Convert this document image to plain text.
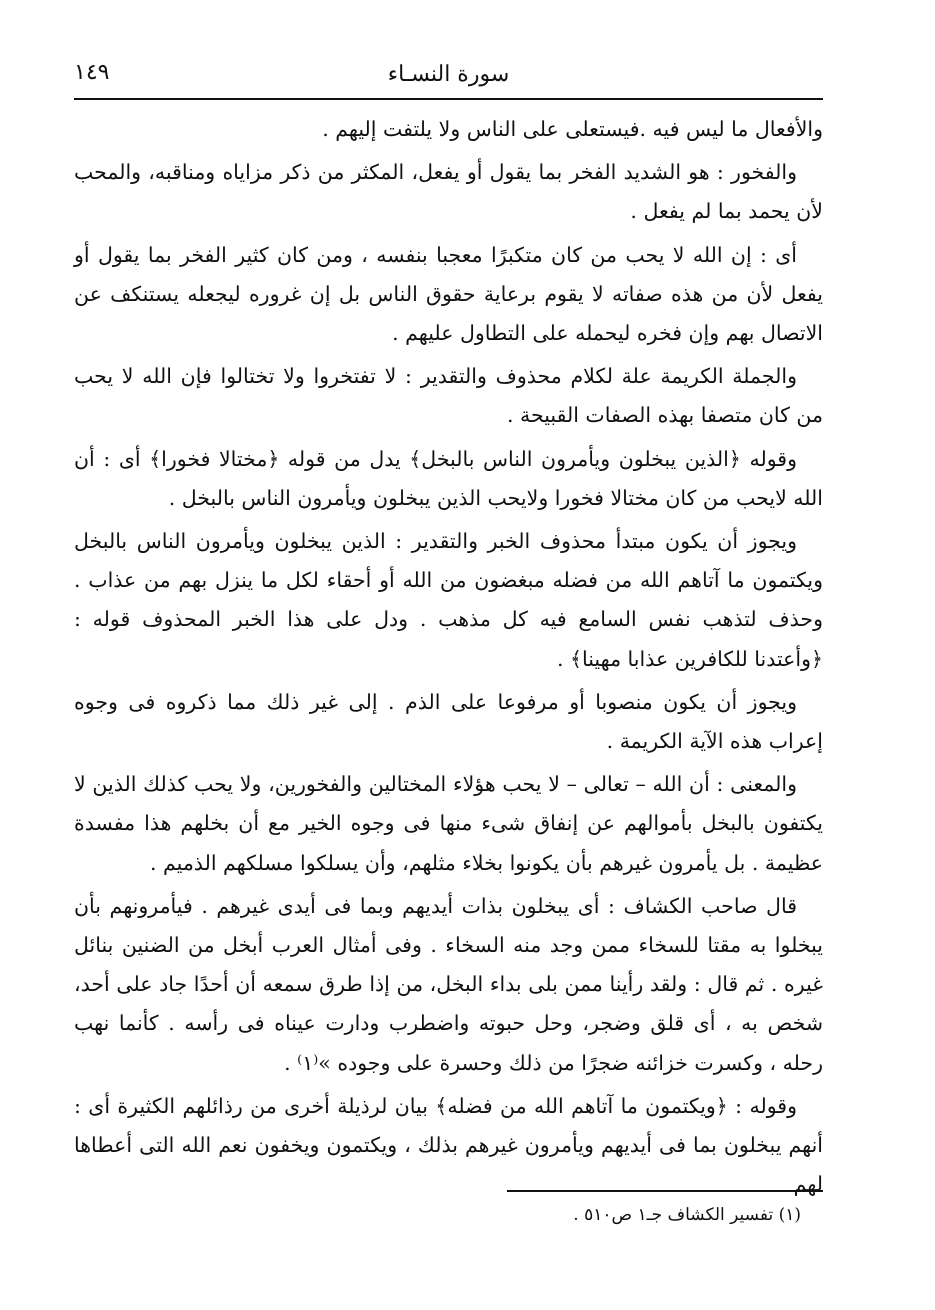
سورة النسـاء
١٤٩

والأفعال ما ليس فيه .فيستعلى على الناس ولا يلتفت إليهم .

والفخور : هو الشديد الفخر بما يقول أو يفعل، المكثر من ذكر مزاياه ومناقبه، والمحب لأن يحمد بما لم يفعل .

أى : إن الله لا يحب من كان متكبرًا معجبا بنفسه ، ومن كان كثير الفخر بما يقول أو يفعل لأن من هذه صفاته لا يقوم برعاية حقوق الناس بل إن غروره ليجعله يستنكف عن الاتصال بهم وإن فخره ليحمله على التطاول عليهم .

والجملة الكريمة علة لكلام محذوف والتقدير : لا تفتخروا ولا تختالوا فإن الله لا يحب من كان متصفا بهذه الصفات القبيحة .

وقوله ﴿الذين يبخلون ويأمرون الناس بالبخل﴾ يدل من قوله ﴿مختالا فخورا﴾ أى : أن الله لايحب من كان مختالا فخورا ولايحب الذين يبخلون ويأمرون الناس بالبخل .

ويجوز أن يكون مبتدأ محذوف الخبر والتقدير : الذين يبخلون ويأمرون الناس بالبخل ويكتمون ما آتاهم الله من فضله مبغضون من الله أو أحقاء لكل ما ينزل بهم من عذاب . وحذف لتذهب نفس السامع فيه كل مذهب . ودل على هذا الخبر المحذوف قوله : ﴿وأعتدنا للكافرين عذابا مهينا﴾ .

ويجوز أن يكون منصوبا أو مرفوعا على الذم . إلى غير ذلك مما ذكروه فى وجوه إعراب هذه الآية الكريمة .

والمعنى : أن الله – تعالى – لا يحب هؤلاء المختالين والفخورين، ولا يحب كذلك الذين لا يكتفون بالبخل بأموالهم عن إنفاق شىء منها فى وجوه الخير مع أن بخلهم هذا مفسدة عظيمة . بل يأمرون غيرهم بأن يكونوا بخلاء مثلهم، وأن يسلكوا مسلكهم الذميم .

قال صاحب الكشاف : أى يبخلون بذات أيديهم وبما فى أيدى غيرهم . فيأمرونهم بأن يبخلوا به مقتا للسخاء ممن وجد منه السخاء . وفى أمثال العرب أبخل من الضنين بنائل غيره . ثم قال : ولقد رأينا ممن بلى بداء البخل، من إذا طرق سمعه أن أحدًا جاد على أحد، شخص به ، أى قلق وضجر، وحل حبوته واضطرب ودارت عيناه فى رأسه . كأنما نهب رحله ، وكسرت خزائنه ضجرًا من ذلك وحسرة على وجوده »⁽١⁾ .

وقوله : ﴿ويكتمون ما آتاهم الله من فضله﴾ بيان لرذيلة أخرى من رذائلهم الكثيرة أى : أنهم يبخلون بما فى أيديهم ويأمرون غيرهم بذلك ، ويكتمون ويخفون نعم الله التى أعطاها لهم

(١) تفسير الكشاف جـ١ ص٥١٠ .
